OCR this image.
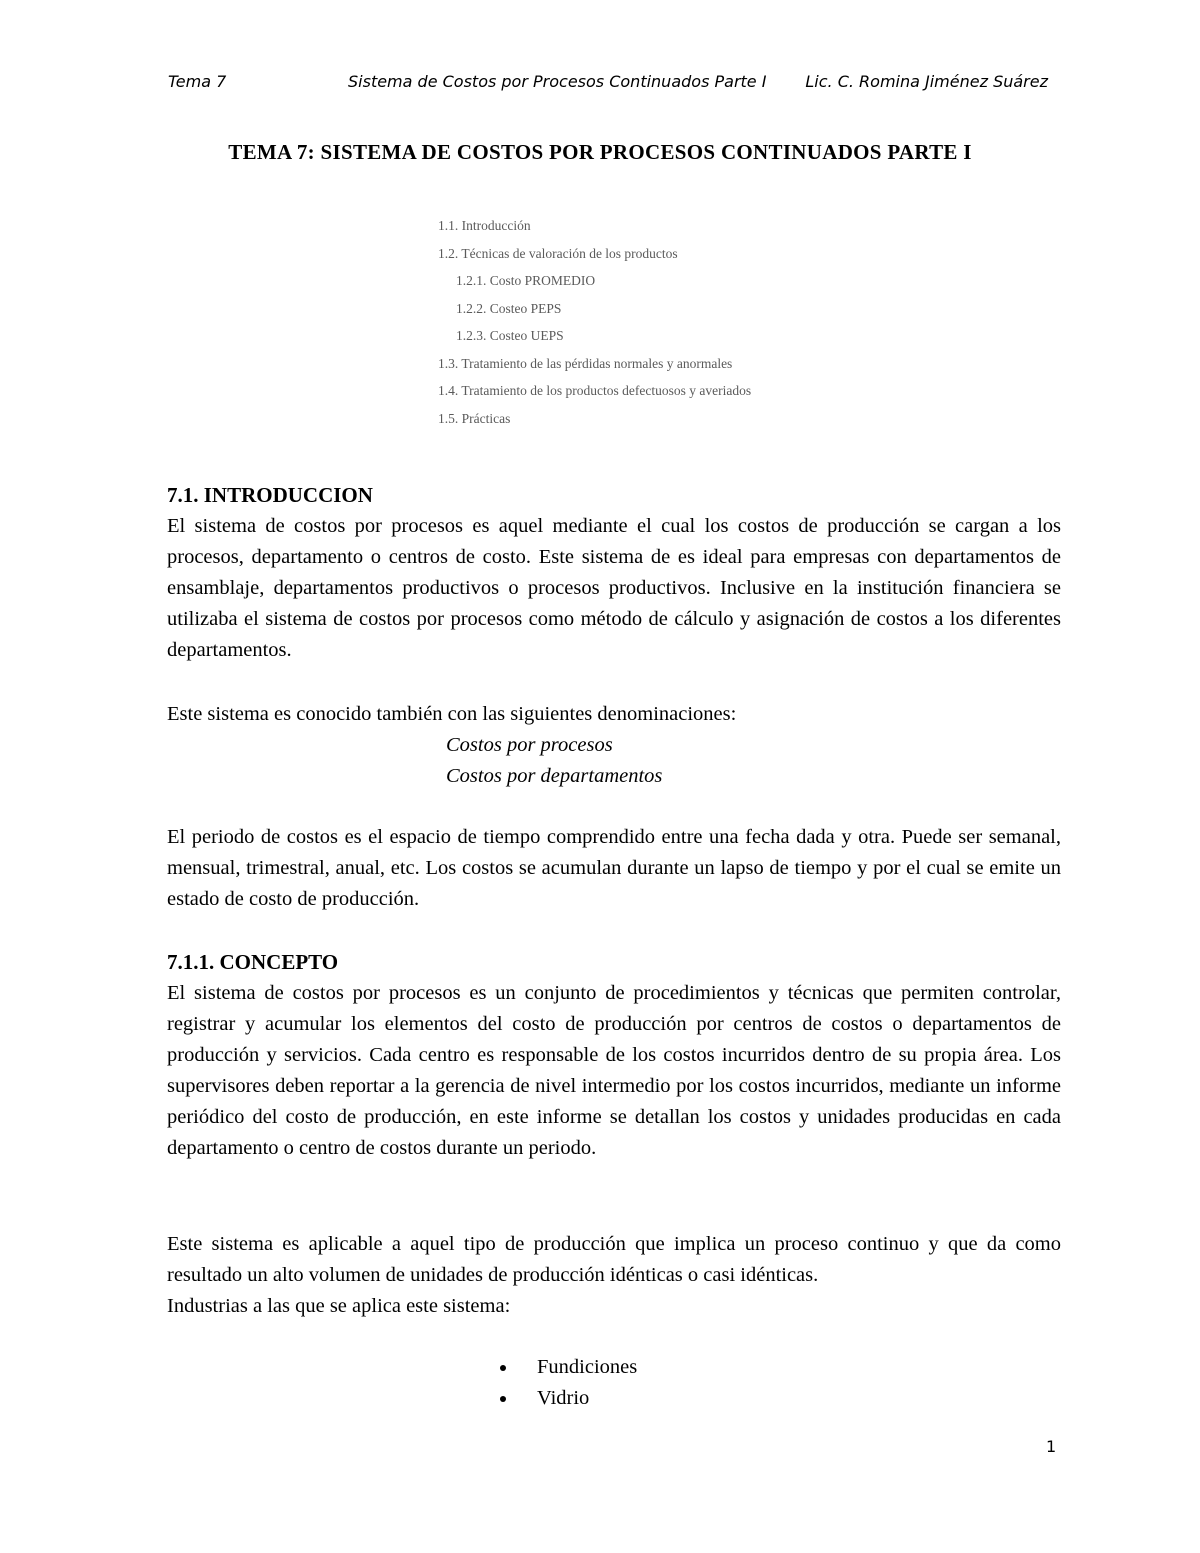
Tema 7	Sistema de Costos por Procesos Continuados Parte I Lic. C. Romina Jiménez Suárez
TEMA 7: SISTEMA DE COSTOS POR PROCESOS CONTINUADOS PARTE I
1.1. Introducción
1.2. Técnicas de valoración de los productos
1.2.1. Costo PROMEDIO
1.2.2. Costeo PEPS
1.2.3. Costeo UEPS
1.3. Tratamiento de las pérdidas normales y anormales
1.4. Tratamiento de los productos defectuosos y averiados
1.5. Prácticas
7.1. INTRODUCCION

El sistema de costos por procesos es aquel mediante el cual los costos de producción se cargan a los procesos, departamento o centros de costo. Este sistema de es ideal para empresas con departamentos de ensamblaje, departamentos productivos o procesos productivos. Inclusive en la institución financiera se utilizaba el sistema de costos por procesos como método de cálculo y asignación de costos a los diferentes departamentos.

Este sistema es conocido también con las siguientes denominaciones:

Costos por procesos
Costos por departamentos

El periodo de costos es el espacio de tiempo comprendido entre una fecha dada y otra. Puede ser semanal, mensual, trimestral, anual, etc. Los costos se acumulan durante un lapso de tiempo y por el cual se emite un estado de costo de producción.

7.1.1. CONCEPTO

El sistema de costos por procesos es un conjunto de procedimientos y técnicas que permiten controlar, registrar y acumular los elementos del costo de producción por centros de costos o departamentos de producción y servicios. Cada centro es responsable de los costos incurridos dentro de su propia área. Los supervisores deben reportar a la gerencia de nivel intermedio por los costos incurridos, mediante un informe periódico del costo de producción, en este informe se detallan los costos y unidades producidas en cada departamento o centro de costos durante un periodo.

Este sistema es aplicable a aquel tipo de producción que implica un proceso continuo y que da como resultado un alto volumen de unidades de producción idénticas o casi idénticas.

Industrias a las que se aplica este sistema:

Fundiciones
Vidrio
1
